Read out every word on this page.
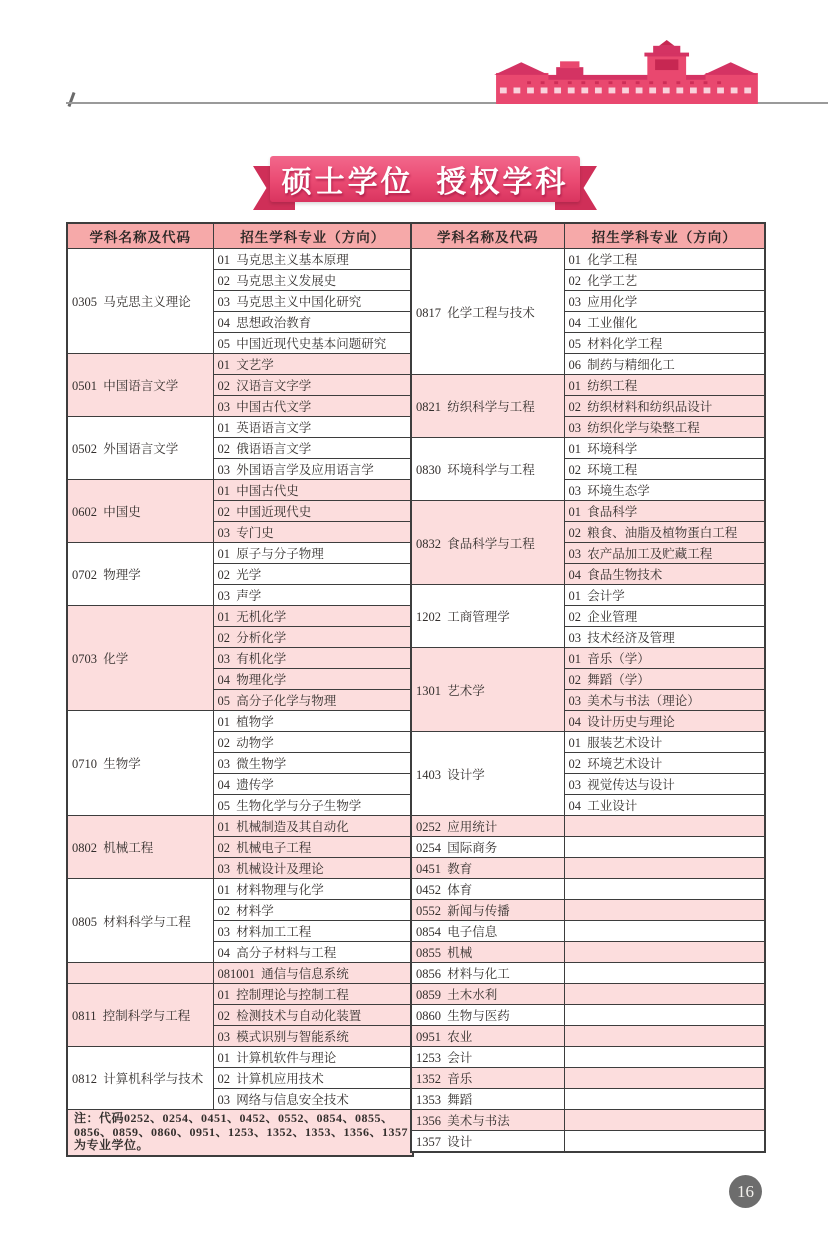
硕士学位  授权学科
学科名称及代码	招生学科专业（方向）
0305  马克思主义理论	01  马克思主义基本原理
	02  马克思主义发展史
	03  马克思主义中国化研究
	04  思想政治教育
	05  中国近现代史基本问题研究
0501  中国语言文学	01  文艺学
	02  汉语言文字学
	03  中国古代文学
0502  外国语言文学	01  英语语言文学
	02  俄语语言文学
	03  外国语言学及应用语言学
0602  中国史	01  中国古代史
	02  中国近现代史
	03  专门史
0702  物理学	01  原子与分子物理
	02  光学
	03  声学
0703  化学	01  无机化学
	02  分析化学
	03  有机化学
	04  物理化学
	05  高分子化学与物理
0710  生物学	01  植物学
	02  动物学
	03  微生物学
	04  遗传学
	05  生物化学与分子生物学
0802  机械工程	01  机械制造及其自动化
	02  机械电子工程
	03  机械设计及理论
0805  材料科学与工程	01  材料物理与化学
	02  材料学
	03  材料加工工程
	04  高分子材料与工程
	081001  通信与信息系统
0811  控制科学与工程	01  控制理论与控制工程
	02  检测技术与自动化装置
	03  模式识别与智能系统
0812  计算机科学与技术	01  计算机软件与理论
	02  计算机应用技术
	03  网络与信息安全技术
注：代码0252、0254、0451、0452、0552、0854、0855、0856、0859、0860、0951、1253、1352、1353、1356、1357为专业学位。	
学科名称及代码	招生学科专业（方向）
0817  化学工程与技术	01  化学工程
	02  化学工艺
	03  应用化学
	04  工业催化
	05  材料化学工程
	06  制药与精细化工
0821  纺织科学与工程	01  纺织工程
	02  纺织材料和纺织品设计
	03  纺织化学与染整工程
0830  环境科学与工程	01  环境科学
	02  环境工程
	03  环境生态学
0832  食品科学与工程	01  食品科学
	02  粮食、油脂及植物蛋白工程
	03  农产品加工及贮藏工程
	04  食品生物技术
1202  工商管理学	01  会计学
	02  企业管理
	03  技术经济及管理
1301  艺术学	01  音乐（学）
	02  舞蹈（学）
	03  美术与书法（理论）
	04  设计历史与理论
1403  设计学	01  服装艺术设计
	02  环境艺术设计
	03  视觉传达与设计
	04  工业设计
0252  应用统计	
0254  国际商务	
0451  教育	
0452  体育	
0552  新闻与传播	
0854  电子信息	
0855  机械	
0856  材料与化工	
0859  土木水利	
0860  生物与医药	
0951  农业	
1253  会计	
1352  音乐	
1353  舞蹈	
1356  美术与书法	
1357  设计	
16
